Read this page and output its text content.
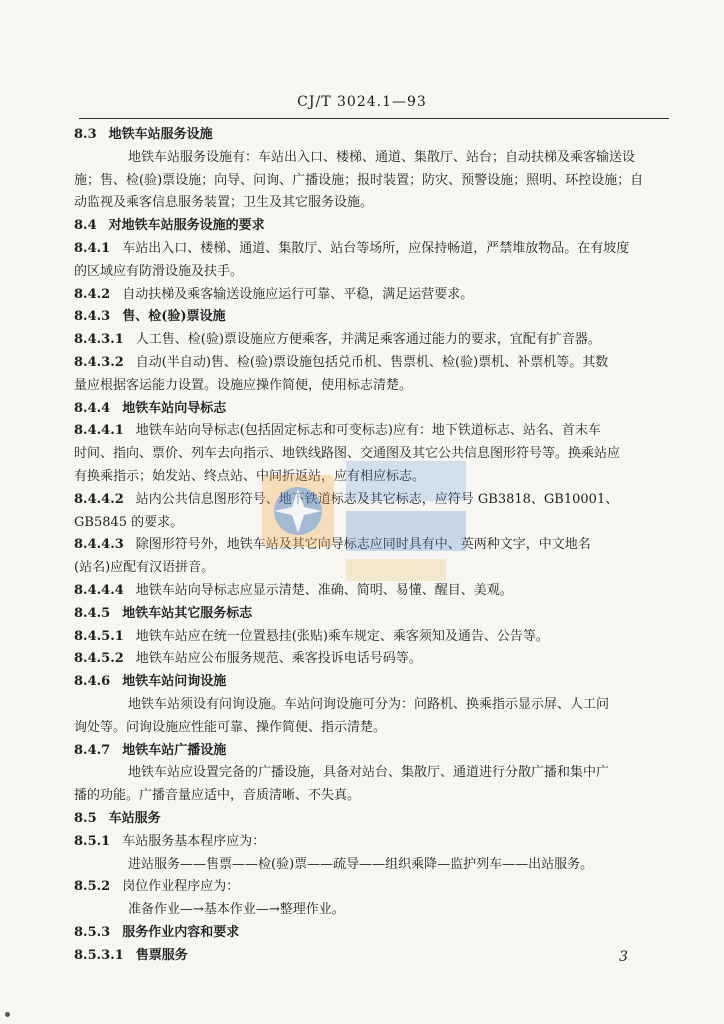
CJ/T 3024.1—93
8.3 地铁车站服务设施
地铁车站服务设施有：车站出入口、楼梯、通道、集散厅、站台；自动扶梯及乘客输送设
施；售、检(验)票设施；向导、问询、广播设施；报时装置；防灾、预警设施；照明、环控设施；自
动监视及乘客信息服务装置；卫生及其它服务设施。
8.4 对地铁车站服务设施的要求
8.4.1 车站出入口、楼梯、通道、集散厅、站台等场所，应保持畅道，严禁堆放物品。在有坡度
的区域应有防滑设施及扶手。
8.4.2 自动扶梯及乘客输送设施应运行可靠、平稳，满足运营要求。
8.4.3 售、检(验)票设施
8.4.3.1 人工售、检(验)票设施应方便乘客，并满足乘客通过能力的要求，宜配有扩音器。
8.4.3.2 自动(半自动)售、检(验)票设施包括兑币机、售票机、检(验)票机、补票机等。其数
量应根据客运能力设置。设施应操作简便，使用标志清楚。
8.4.4 地铁车站向导标志
8.4.4.1 地铁车站向导标志(包括固定标志和可变标志)应有：地下铁道标志、站名、首末车
时间、指向、票价、列车去向指示、地铁线路图、交通图及其它公共信息图形符号等。换乘站应
有换乘指示；始发站、终点站、中间折返站，应有相应标志。
8.4.4.2 站内公共信息图形符号、地下铁道标志及其它标志，应符号 GB3818、GB10001、
GB5845 的要求。
8.4.4.3 除图形符号外，地铁车站及其它向导标志应同时具有中、英两种文字，中文地名
(站名)应配有汉语拼音。
8.4.4.4 地铁车站向导标志应显示清楚、准确、简明、易懂、醒目、美观。
8.4.5 地铁车站其它服务标志
8.4.5.1 地铁车站应在统一位置悬挂(张贴)乘车规定、乘客须知及通告、公告等。
8.4.5.2 地铁车站应公布服务规范、乘客投诉电话号码等。
8.4.6 地铁车站问询设施
地铁车站须设有问询设施。车站问询设施可分为：问路机、换乘指示显示屏、人工问
询处等。问询设施应性能可靠、操作简便、指示清楚。
8.4.7 地铁车站广播设施
地铁车站应设置完备的广播设施，具备对站台、集散厅、通道进行分散广播和集中广
播的功能。广播音量应适中，音质清晰、不失真。
8.5 车站服务
8.5.1 车站服务基本程序应为：
进站服务——售票——检(验)票——疏导——组织乘降—监护列车——出站服务。
8.5.2 岗位作业程序应为：
准备作业—→基本作业—→整理作业。
8.5.3 服务作业内容和要求
8.5.3.1 售票服务	3
